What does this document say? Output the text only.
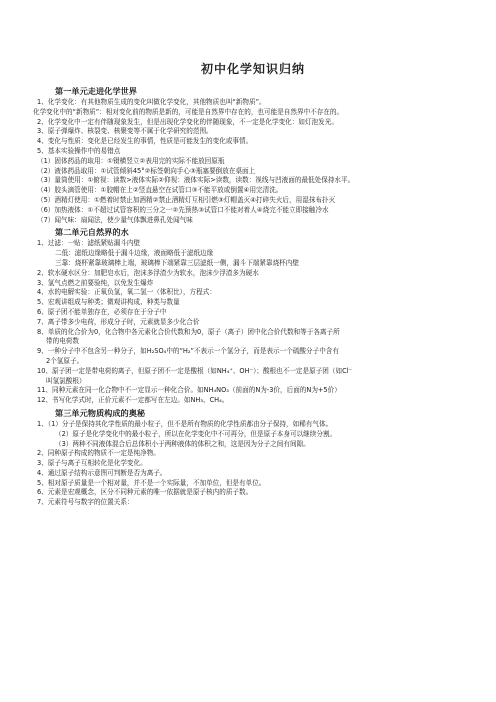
初中化学知识归纳
第一单元走进化学世界
1、化学变化：有其他物质生成的变化叫做化学变化，其他物质也叫“新物质”。
化学变化中的“新物质”：相对变化前的物质是新的，可能是自然界中存在的，也可能是自然界中不存在的。
2、化学变化中一定有伴随现象发生，但是出现化学变化的伴随现象，不一定是化学变化：如灯泡发光。
3、原子弹爆炸、核裂变、核聚变等不属于化学研究的范围。
4、变化与性质：变化是已经发生的事情，性质是可能发生的变化或事情。
5、基本实验操作中的易错点
（1）固体药品的取用：①镊横竖立②表用完的实际不能放回原瓶
（2）液体药品取用：①试管倾斜45°②标签朝向手心③瓶塞要倒放在桌面上
（3）量筒使用：①俯视：读数>液体实际②仰视：液体实际>读数，读数：视线与凹液面的最低处保持水平。
（4）胶头滴管使用：①胶帽在上②竖直悬空在试管口③不能平放或倒置④用完清洗。
（5）酒精灯使用：①燃着时禁止加酒精②禁止酒精灯互相引燃③灯帽盖灭④打碎失火后，用湿抹布扑灭
（6）加热液体：①不超过试管容积的三分之一②先预热③试管口不能对着人④烧完不能立即接触冷水
（7）闻气味：扇闻法，使少量气体飘进鼻孔处闻气味
第二单元自然界的水
1、过滤：一贴：滤纸紧贴漏斗内壁
二低：滤纸边缘略低于漏斗边缘，液面略低于滤纸边缘
三靠：烧杯紧靠玻璃棒上端，玻璃棒下端紧靠三层滤纸一侧，漏斗下端紧靠烧杯内壁
2、软水硬水区分：加肥皂水后，泡沫多浮渣少为软水，泡沫少浮渣多为硬水
3、氢气点燃之前要验纯，以免发生爆炸
4、水的电解实验：正氧负氢，氧二氢一（体积比），方程式：
5、宏观讲组成与种类；微观讲构成、种类与数量
6、原子团不能单独存在，必须存在于分子中
7、离子带多少电荷，形成分子时，元素就显多少化合价
8、单质的化合价为0，化合物中各元素化合价代数和为0，原子（离子）团中化合价代数和等于各离子所
带的电荷数
9、一种分子中不包含另一种分子，如H₂SO₄中的“H₂”不表示一个氢分子，而是表示一个硫酸分子中含有
2个氢原子。
10、原子团一定是带电荷的离子，但原子团不一定是酸根（如NH₄⁺、OH⁻）；酸根也不一定是原子团（如Cl⁻
叫氢氯酸根）
11、同种元素在同一化合物中不一定显示一种化合价。如NH₄NO₃（前面的N为-3价，后面的N为+5价）
12、书写化学式时，正价元素不一定都写在左边。如NH₃、CH₄。
第三单元物质构成的奥秘
1、（1）分子是保持其化学性质的最小粒子，但不是所有物质的化学性质都由分子保持，如稀有气体。
（2）原子是化学变化中的最小粒子，所以在化学变化中不可再分，但是原子本身可以继续分割。
（3）两种不同液体混合后总体积小于两种液体的体积之和，这是因为分子之间有间隙。
2、同种原子构成的物质不一定是纯净物。
3、原子与离子互相转化是化学变化。
4、通过原子结构示意图可判断是否为离子。
5、相对原子质量是一个相对量，并不是一个实际量，不加单位，但是有单位。
6、元素是宏观概念，区分不同种元素的唯一依据就是原子核内的质子数。
7、元素符号与数字的位置关系：
